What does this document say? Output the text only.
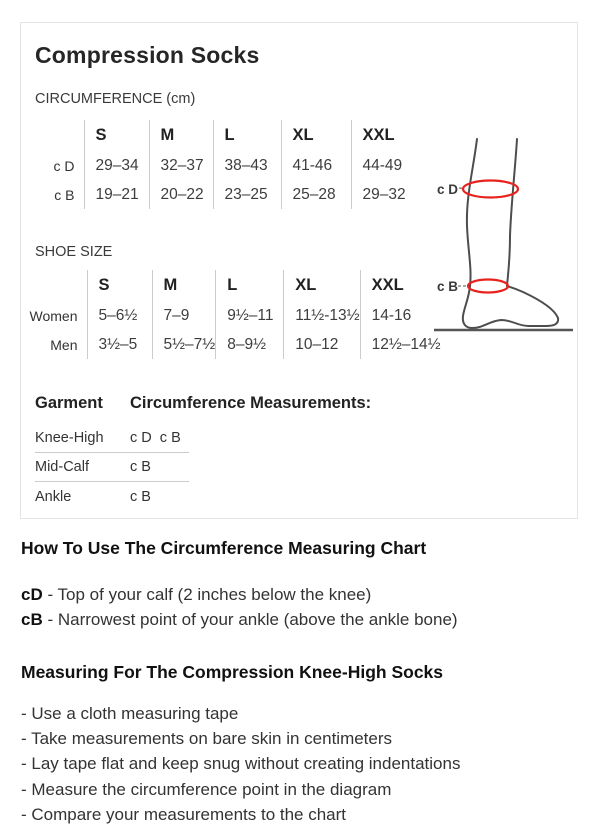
Compression Socks
CIRCUMFERENCE (cm)
	S	M	L	XL	XXL
c D	29–34	32–37	38–43	41-46	44-49
c B	19–21	20–22	23–25	25–28	29–32
SHOE SIZE
	S	M	L	XL	XXL
Women	5–6½	7–9	9½–11	11½-13½	14-16
Men	3½–5	5½–7½	8–9½	10–12	12½–14½
c D
c B
Garment	Circumference Measurements:
Knee-High	c D  c B
Mid-Calf	c B
Ankle	c B
How To Use The Circumference Measuring Chart
cD - Top of your calf (2 inches below the knee)
cB - Narrowest point of your ankle (above the ankle bone)
Measuring For The Compression Knee-High Socks
- Use a cloth measuring tape
- Take measurements on bare skin in centimeters
- Lay tape flat and keep snug without creating indentations
- Measure the circumference point in the diagram
- Compare your measurements to the chart
